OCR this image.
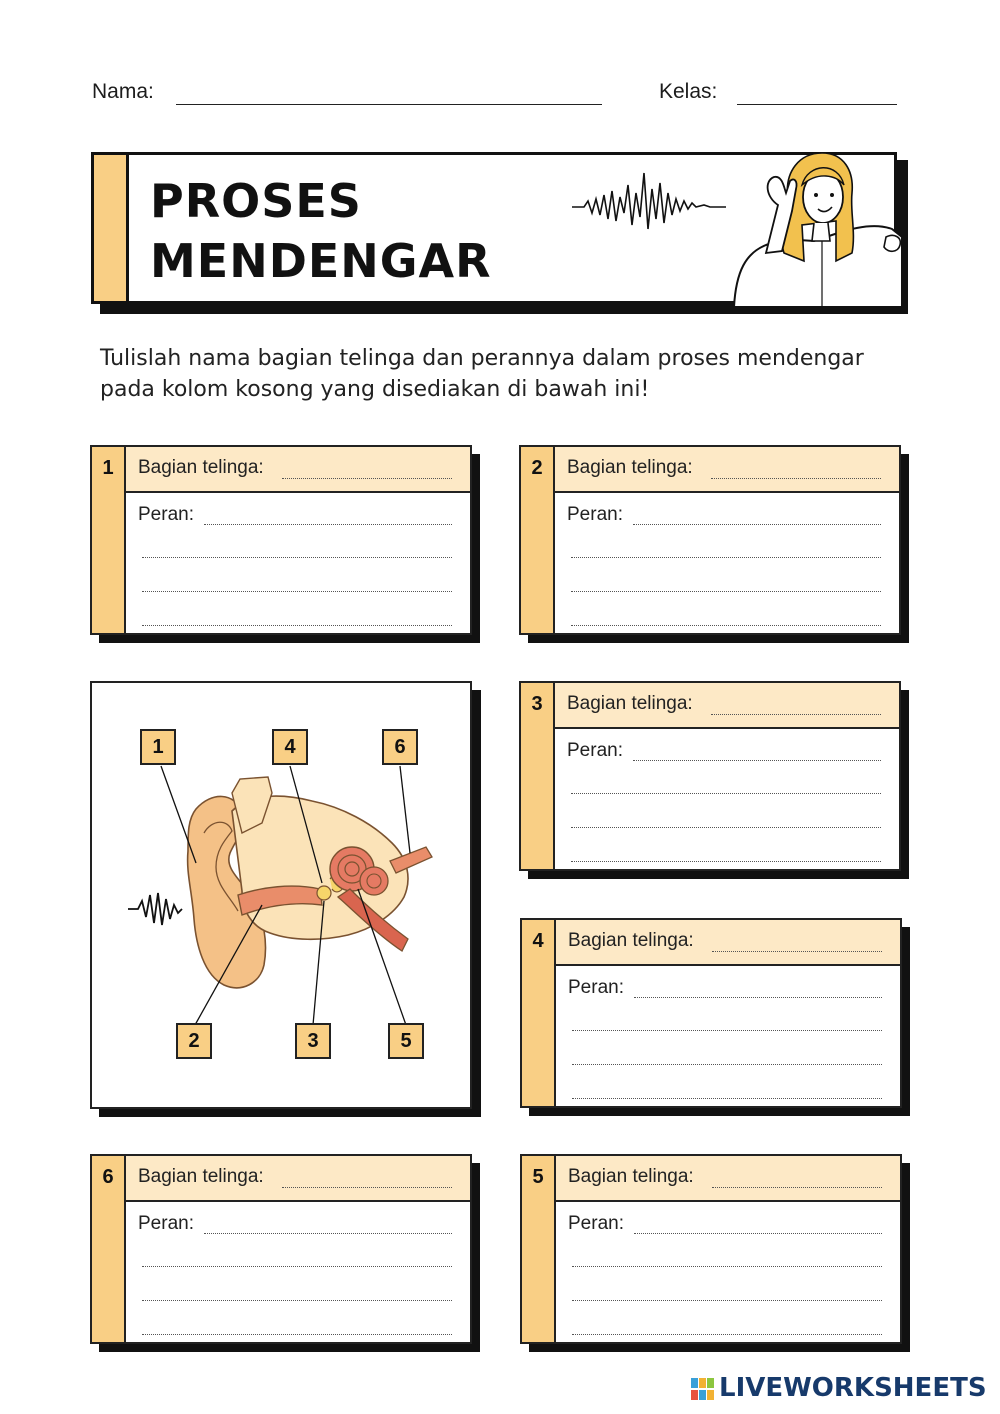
Nama:	Kelas:
PROSES
MENDENGAR
Tulislah nama bagian telinga dan perannya dalam proses mendengar pada kolom kosong yang disediakan di bawah ini!
1	Bagian telinga:
Peran:
2	Bagian telinga:
Peran:
3	Bagian telinga:
Peran:
4	Bagian telinga:
Peran:
6	Bagian telinga:
Peran:
5	Bagian telinga:
Peran:
1	4	6
2	3	5
LIVEWORKSHEETS
